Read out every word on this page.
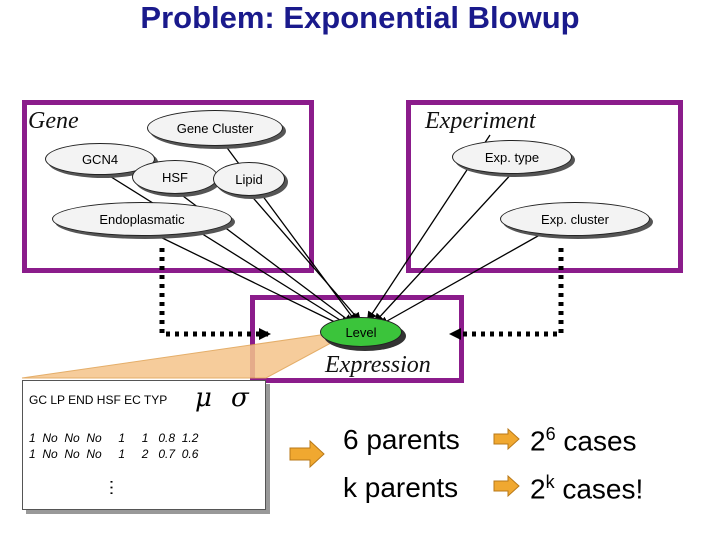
Problem: Exponential Blowup
Gene	Experiment
Expression
Gene Cluster
GCN4
HSF	Lipid
Endoplasmatic
Exp. type
Exp. cluster
Level
GC LP END HSF EC TYP μ σ
1  No  No  No     1     1   0.8  1.2
1  No  No  No     1     2   0.7  0.6
…
6 parents	$2^6$ cases
k parents	2$^k$ cases!
